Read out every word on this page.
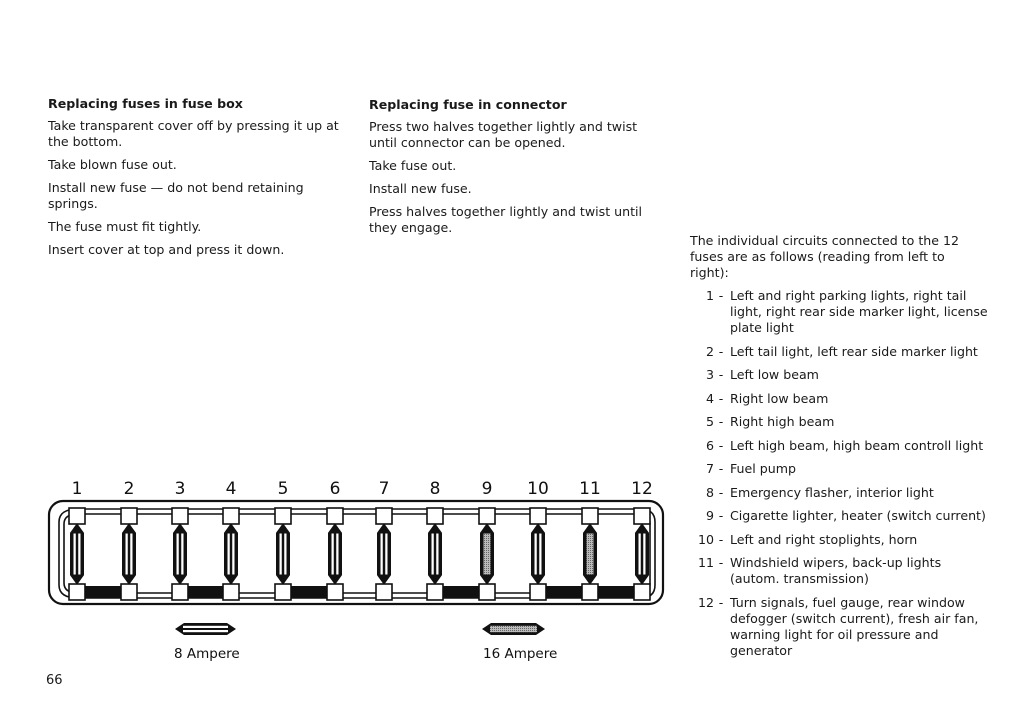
Replacing fuses in fuse box

Take transparent cover off by pressing it up at the bottom.

Take blown fuse out.

Install new fuse — do not bend retaining springs.

The fuse must fit tightly.

Insert cover at top and press it down.

Replacing fuse in connector

Press two halves together lightly and twist until connector can be opened.

Take fuse out.

Install new fuse.

Press halves together lightly and twist until they engage.

The individual circuits connected to the 12 fuses are as follows (reading from left to right):

1 - Left and right parking lights, right tail light, right rear side marker light, license plate light
2 - Left tail light, left rear side marker light
3 - Left low beam
4 - Right low beam
5 - Right high beam
6 - Left high beam, high beam controll light
7 - Fuel pump
8 - Emergency flasher, interior light
9 - Cigarette lighter, heater (switch current)
10 - Left and right stoplights, horn
11 - Windshield wipers, back-up lights (autom. transmission)
12 - Turn signals, fuel gauge, rear window defogger (switch current), fresh air fan, warning light for oil pressure and generator
1 2 3 4 5 6 7 8 9 10 11 12
8 Ampere	16 Ampere
66
